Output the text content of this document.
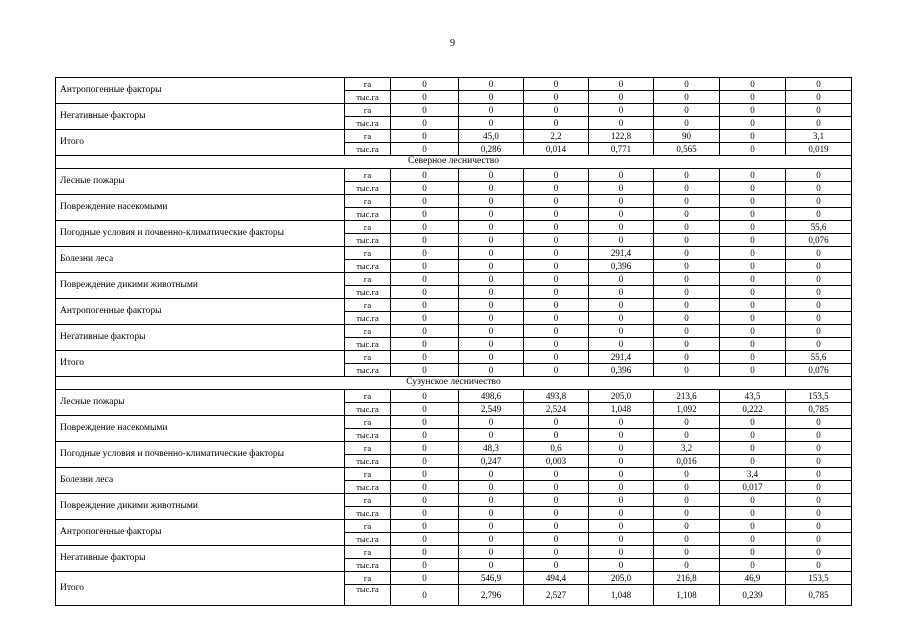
9
Антропогенные факторы	га	0	0	0	0	0	0	0
	тыс.га	0	0	0	0	0	0	0
Негативные факторы	га	0	0	0	0	0	0	0
	тыс.га	0	0	0	0	0	0	0
Итого	га	0	45,0	2,2	122,8	90	0	3,1
	тыс.га	0	0,286	0,014	0,771	0,565	0	0,019
Северное лесничество								
Лесные пожары	га	0	0	0	0	0	0	0
	тыс.га	0	0	0	0	0	0	0
Повреждение насекомыми	га	0	0	0	0	0	0	0
	тыс.га	0	0	0	0	0	0	0
Погодные условия и почвенно-климатические факторы	га	0	0	0	0	0	0	55,6
	тыс.га	0	0	0	0	0	0	0,076
Болезни леса	га	0	0	0	291,4	0	0	0
	тыс.га	0	0	0	0,396	0	0	0
Повреждение дикими животными	га	0	0	0	0	0	0	0
	тыс.га	0	0	0	0	0	0	0
Антропогенные факторы	га	0	0	0	0	0	0	0
	тыс.га	0	0	0	0	0	0	0
Негативные факторы	га	0	0	0	0	0	0	0
	тыс.га	0	0	0	0	0	0	0
Итого	га	0	0	0	291,4	0	0	55,6
	тыс.га	0	0	0	0,396	0	0	0,076
Сузунское лесничество								
Лесные пожары	га	0	498,6	493,8	205,0	213,6	43,5	153,5
	тыс.га	0	2,549	2,524	1,048	1,092	0,222	0,785
Повреждение насекомыми	га	0	0	0	0	0	0	0
	тыс.га	0	0	0	0	0	0	0
Погодные условия и почвенно-климатические факторы	га	0	48,3	0,6	0	3,2	0	0
	тыс.га	0	0,247	0,003	0	0,016	0	0
Болезни леса	га	0	0	0	0	0	3,4	0
	тыс.га	0	0	0	0	0	0,017	0
Повреждение дикими животными	га	0	0	0	0	0	0	0
	тыс.га	0	0	0	0	0	0	0
Антропогенные факторы	га	0	0	0	0	0	0	0
	тыс.га	0	0	0	0	0	0	0
Негативные факторы	га	0	0	0	0	0	0	0
	тыс.га	0	0	0	0	0	0	0
Итого	га	0	546,9	494,4	205,0	216,8	46,9	153,5
	тыс.га	0	2,796	2,527	1,048	1,108	0,239	0,785
